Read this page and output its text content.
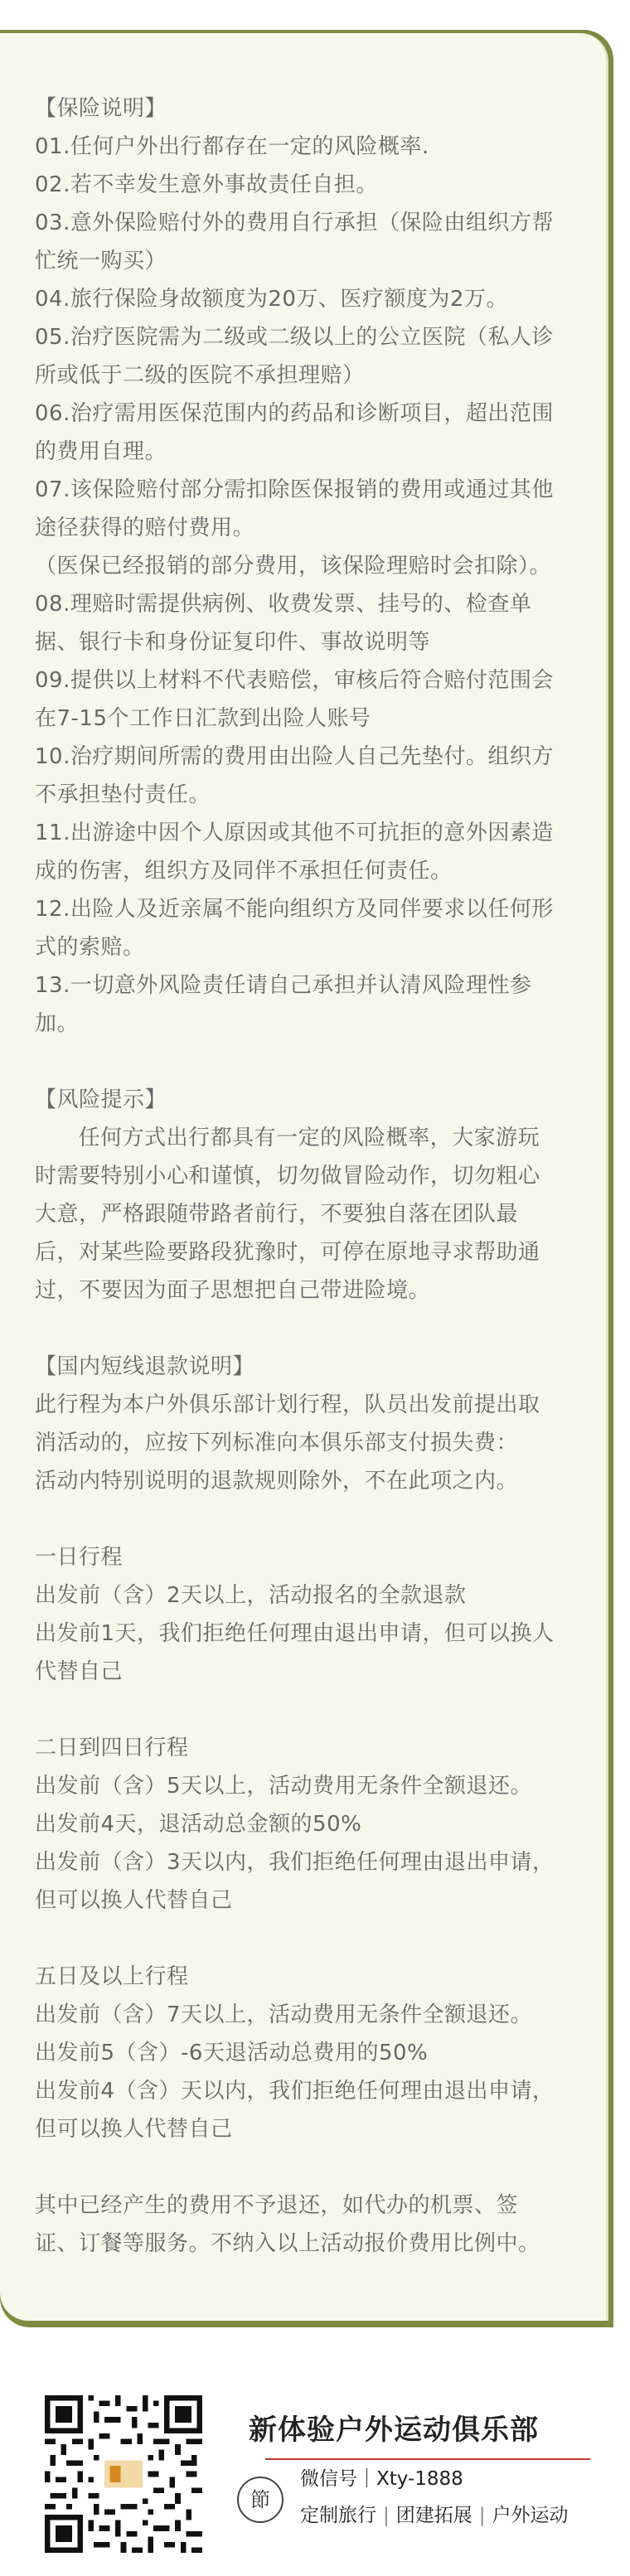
【保险说明】

01.任何户外出行都存在一定的风险概率.

02.若不幸发生意外事故责任自担。

03.意外保险赔付外的费用自行承担（保险由组织方帮

忙统一购买）

04.旅行保险身故额度为20万、医疗额度为2万。

05.治疗医院需为二级或二级以上的公立医院（私人诊

所或低于二级的医院不承担理赔）

06.治疗需用医保范围内的药品和诊断项目，超出范围

的费用自理。

07.该保险赔付部分需扣除医保报销的费用或通过其他

途径获得的赔付费用。

（医保已经报销的部分费用，该保险理赔时会扣除）。

08.理赔时需提供病例、收费发票、挂号的、检查单

据、银行卡和身份证复印件、事故说明等

09.提供以上材料不代表赔偿，审核后符合赔付范围会

在7-15个工作日汇款到出险人账号

10.治疗期间所需的费用由出险人自己先垫付。组织方

不承担垫付责任。

11.出游途中因个人原因或其他不可抗拒的意外因素造

成的伤害，组织方及同伴不承担任何责任。

12.出险人及近亲属不能向组织方及同伴要求以任何形

式的索赔。

13.一切意外风险责任请自己承担并认清风险理性参

加。

【风险提示】

任何方式出行都具有一定的风险概率，大家游玩

时需要特别小心和谨慎，切勿做冒险动作，切勿粗心

大意，严格跟随带路者前行，不要独自落在团队最

后，对某些险要路段犹豫时，可停在原地寻求帮助通

过，不要因为面子思想把自己带进险境。

【国内短线退款说明】

此行程为本户外俱乐部计划行程，队员出发前提出取

消活动的，应按下列标准向本俱乐部支付损失费：

活动内特别说明的退款规则除外，不在此项之内。

一日行程

出发前（含）2天以上，活动报名的全款退款

出发前1天，我们拒绝任何理由退出申请，但可以换人

代替自己

二日到四日行程

出发前（含）5天以上，活动费用无条件全额退还。

出发前4天，退活动总金额的50%

出发前（含）3天以内，我们拒绝任何理由退出申请，

但可以换人代替自己

五日及以上行程

出发前（含）7天以上，活动费用无条件全额退还。

出发前5（含）-6天退活动总费用的50%

出发前4（含）天以内，我们拒绝任何理由退出申请，

但可以换人代替自己

其中已经产生的费用不予退还，如代办的机票、签

证、订餐等服务。不纳入以上活动报价费用比例中。

新体验户外运动俱乐部
節
微信号｜Xty-1888
定制旅行 | 团建拓展 | 户外运动
